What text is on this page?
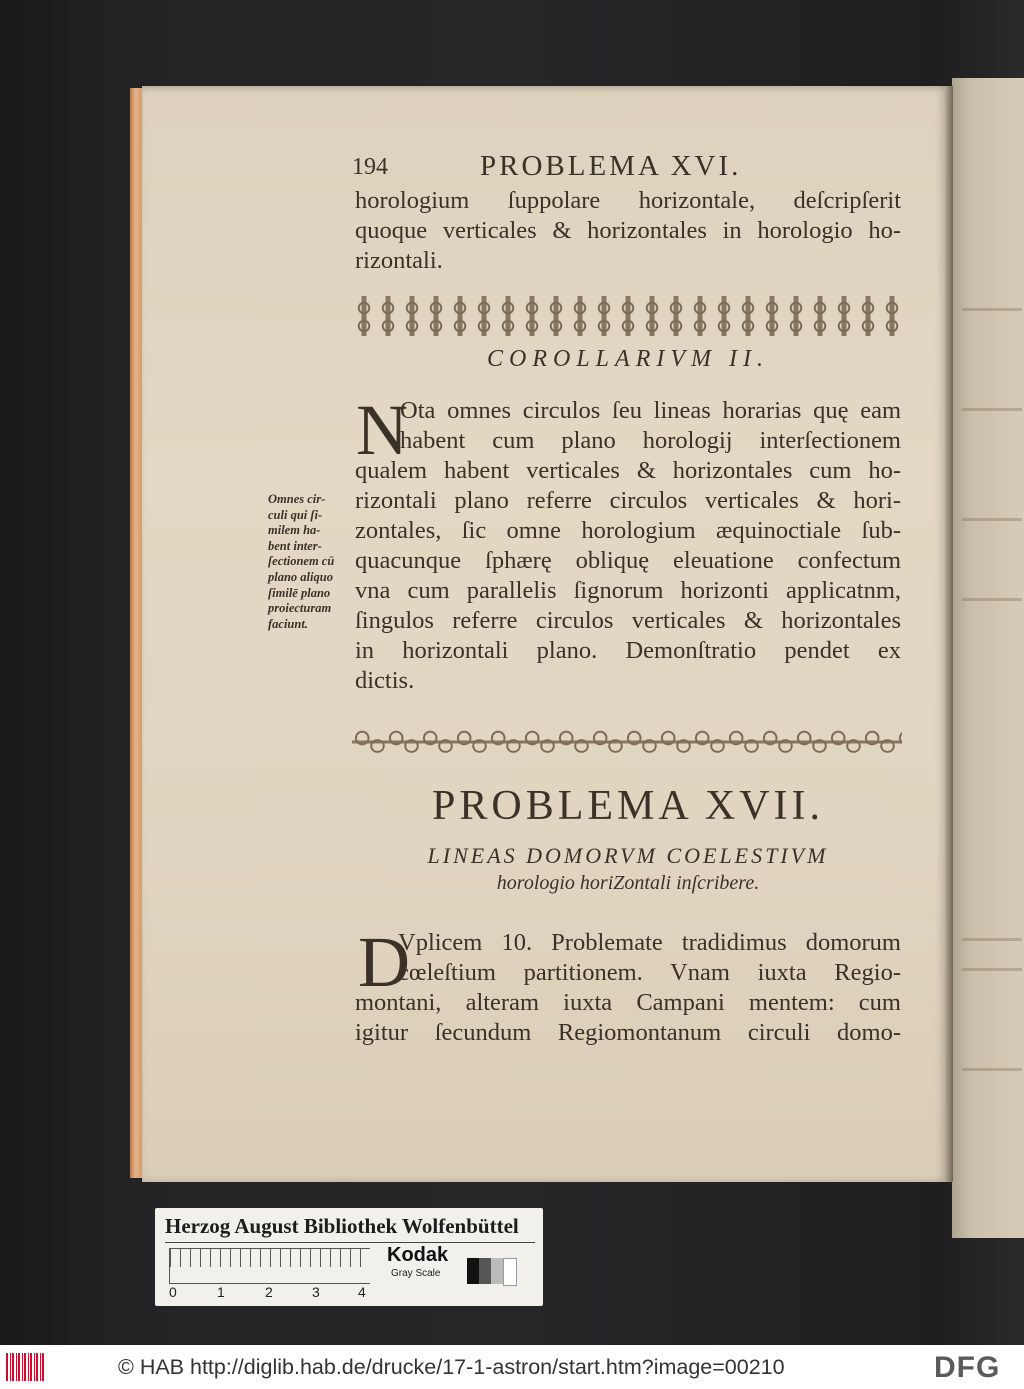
194	PROBLEMA XVI.
horologium ſuppolare horizontale, deſcripſerit
quoque verticales & horizontales in horologio ho-
rizontali.
COROLLARIVM II.
N
Ota omnes circulos ſeu lineas horarias quę eam
habent cum plano horologij interſectionem
qualem habent verticales & horizontales cum ho-
rizontali plano referre circulos verticales & hori-
zontales, ſic omne horologium æquinoctiale ſub-
quacunque ſphærę obliquę eleuatione confectum
vna cum parallelis ſignorum horizonti applicatnm,
ſingulos referre circulos verticales & horizontales
in horizontali plano. Demonſtratio pendet ex
dictis.
Omnes cir-
culi qui ſi-
milem ha-
bent inter-
ſectionem cū
plano aliquo
ſimilē plano
proiecturam
faciunt.
PROBLEMA XVII.
LINEAS DOMORVM COELESTIVM
horologio horiZontali inſcribere.
D
Vplicem 10. Problemate tradidimus domorum
cœleſtium partitionem. Vnam iuxta Regio-
montani, alteram iuxta Campani mentem: cum
igitur ſecundum Regiomontanum circuli domo-
Herzog August Bibliothek Wolfenbüttel
0	1	2	3	4
Kodak
Gray Scale
© HAB http://diglib.hab.de/drucke/17-1-astron/start.htm?image=00210	DFG
